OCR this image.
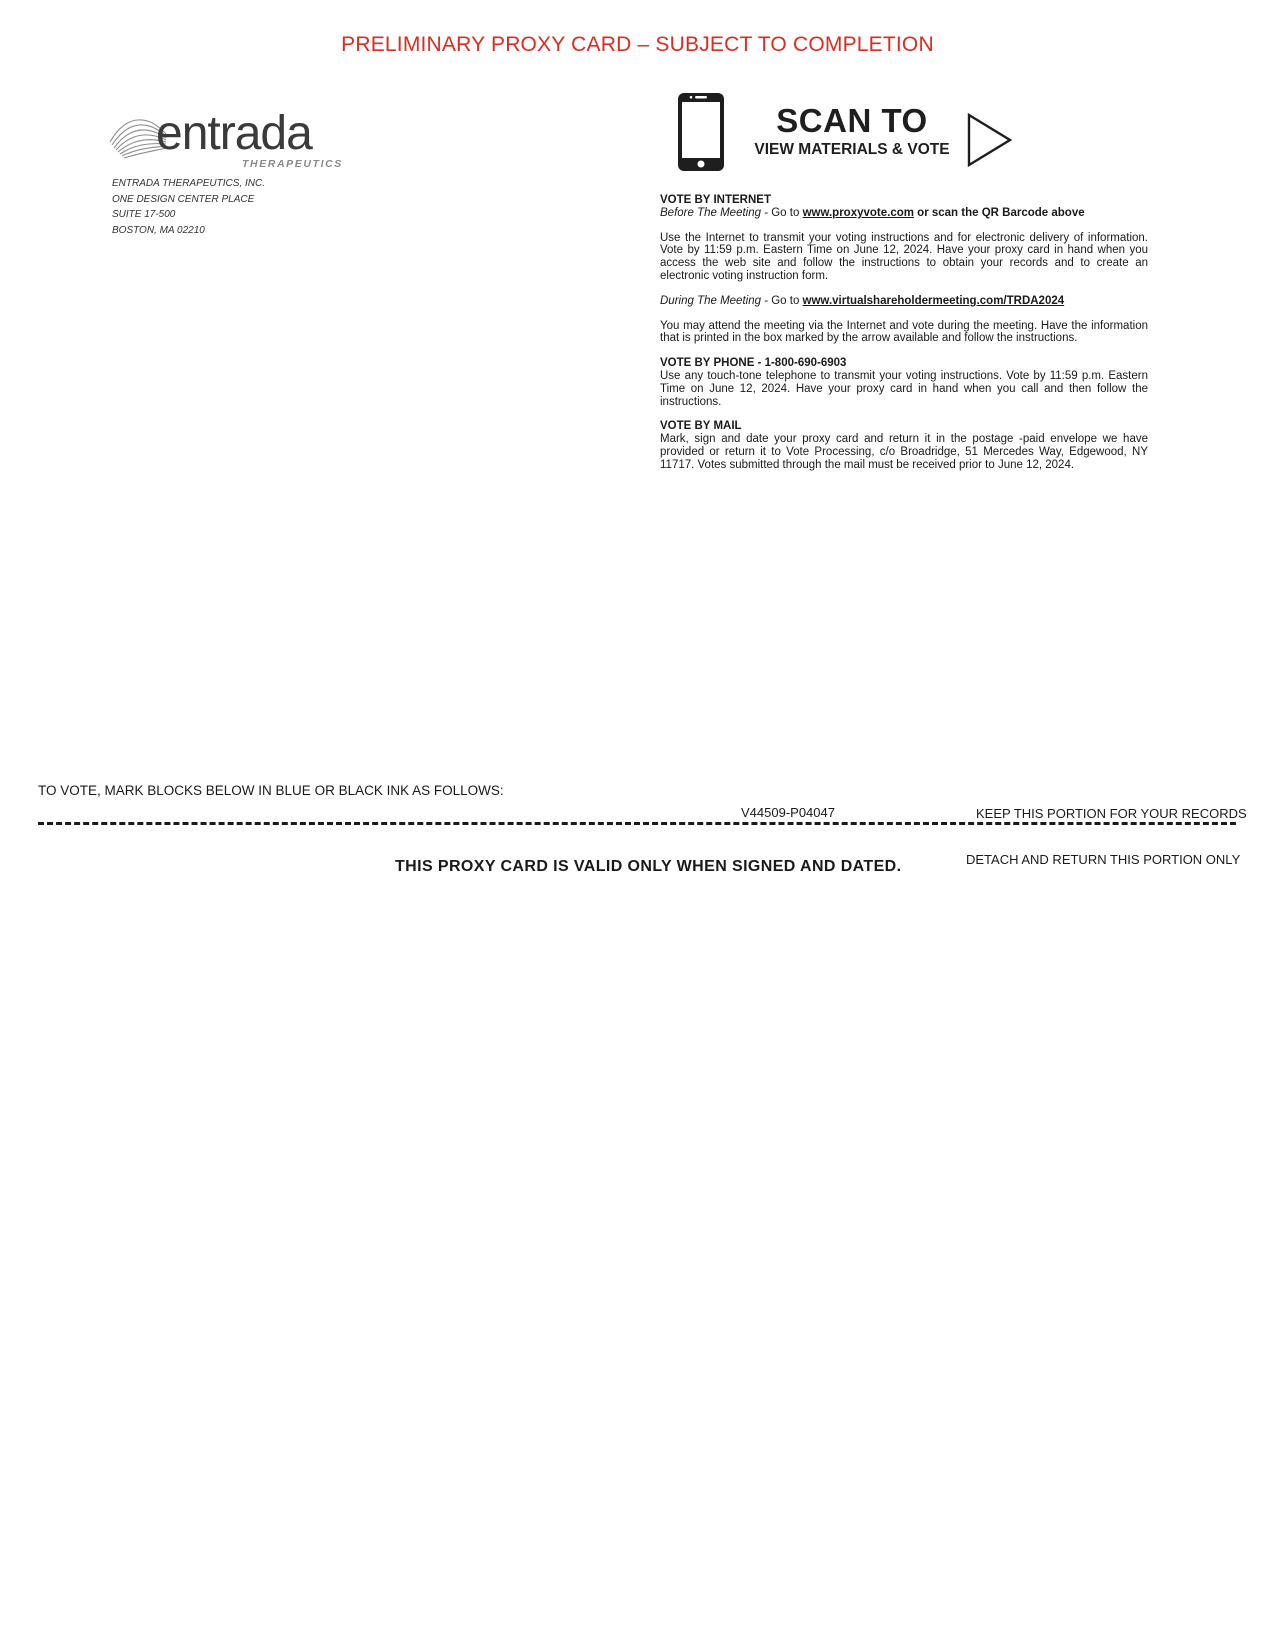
PRELIMINARY PROXY CARD – SUBJECT TO COMPLETION
entrada
THERAPEUTICS
ENTRADA THERAPEUTICS, INC.
ONE DESIGN CENTER PLACE
SUITE 17-500
BOSTON, MA 02210
SCAN TO
VIEW MATERIALS & VOTE
VOTE BY INTERNET

Before The Meeting - Go to www.proxyvote.com or scan the QR Barcode above

Use the Internet to transmit your voting instructions and for electronic delivery of information. Vote by 11:59 p.m. Eastern Time on June 12, 2024. Have your proxy card in hand when you access the web site and follow the instructions to obtain your records and to create an electronic voting instruction form.

During The Meeting - Go to www.virtualshareholdermeeting.com/TRDA2024

You may attend the meeting via the Internet and vote during the meeting. Have the information that is printed in the box marked by the arrow available and follow the instructions.

VOTE BY PHONE - 1-800-690-6903

Use any touch-tone telephone to transmit your voting instructions. Vote by 11:59 p.m. Eastern Time on June 12, 2024. Have your proxy card in hand when you call and then follow the instructions.

VOTE BY MAIL

Mark, sign and date your proxy card and return it in the postage -paid envelope we have provided or return it to Vote Processing, c/o Broadridge, 51 Mercedes Way, Edgewood, NY 11717. Votes submitted through the mail must be received prior to June 12, 2024.

TO VOTE, MARK BLOCKS BELOW IN BLUE OR BLACK INK AS FOLLOWS:
V44509-P04047	KEEP THIS PORTION FOR YOUR RECORDS
THIS PROXY CARD IS VALID ONLY WHEN SIGNED AND DATED.	DETACH AND RETURN THIS PORTION ONLY
